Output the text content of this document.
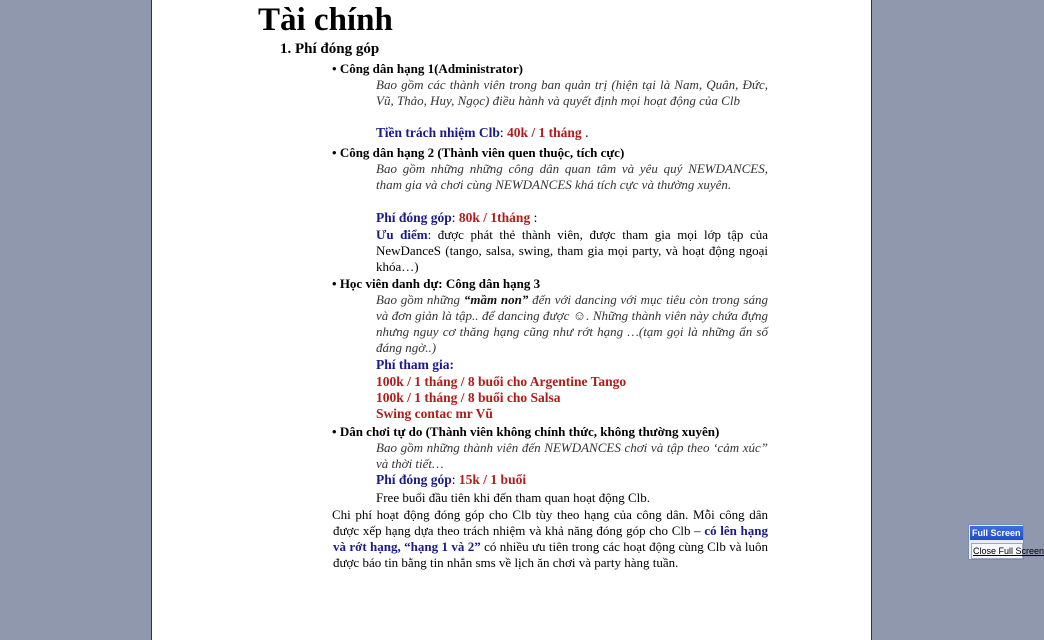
Tài chính
1. Phí đóng góp
• Công dân hạng 1(Administrator)
Bao gồm các thành viên trong ban quản trị (hiện tại là Nam, Quân, Đức, Vũ, Thảo, Huy, Ngọc) điều hành và quyết định mọi hoạt động của Clb
Tiền trách nhiệm Clb: 40k / 1 tháng .
• Công dân hạng 2 (Thành viên quen thuộc, tích cực)
Bao gồm những những công dân quan tâm và yêu quý NEWDANCES, tham gia và chơi cùng NEWDANCES khá tích cực và thường xuyên.
Phí đóng góp: 80k / 1tháng :
Ưu điểm: được phát thẻ thành viên, được tham gia mọi lớp tập của NewDanceS (tango, salsa, swing, tham gia mọi party, và hoạt động ngoại khóa…)
• Học viên danh dự: Công dân hạng 3
Bao gồm những “mầm non” đến với dancing với mục tiêu còn trong sáng và đơn giản là tập.. để dancing được ☺. Những thành viên này chứa đựng nhưng nguy cơ thăng hạng cũng như rớt hạng …(tạm gọi là những ẩn số đáng ngờ..)
Phí tham gia:
100k / 1 tháng / 8 buổi cho Argentine Tango
100k / 1 tháng / 8 buổi cho Salsa
Swing contac mr Vũ
• Dân chơi tự do (Thành viên không chính thức, không thường xuyên)
Bao gồm những thành viên đến NEWDANCES chơi và tập theo ‘cảm xúc” và thời tiết…
Phí đóng góp: 15k / 1 buổi
Free buổi đầu tiên khi đến tham quan hoạt động Clb.
Chi phí hoạt động đóng góp cho Clb tùy theo hạng của công dân. Mỗi công dân được xếp hạng dựa theo trách nhiệm và khả năng đóng góp cho Clb – có lên hạng và rớt hạng, “hạng 1 và 2” có nhiều ưu tiên trong các hoạt động cùng Clb và luôn được báo tin bằng tin nhắn sms về lịch ăn chơi và party hàng tuần.
Full Screen
Close Full Screen
